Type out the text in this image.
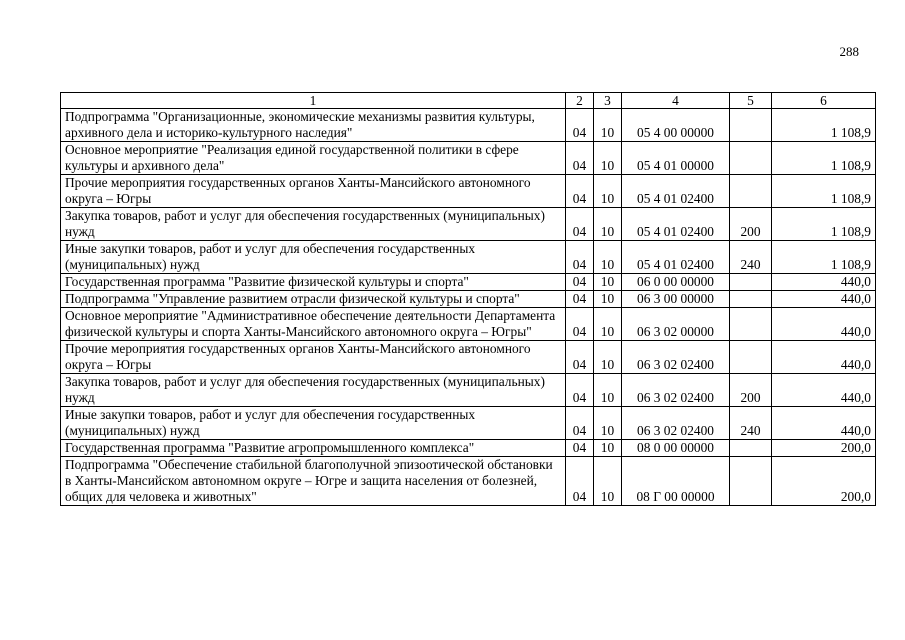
288
1	2	3	4	5	6
Подпрограмма "Организационные, экономические механизмы развития культуры, архивного дела и историко-культурного наследия"	04	10	05 4 00 00000		1 108,9
Основное мероприятие "Реализация единой государственной политики в сфере культуры и архивного дела"	04	10	05 4 01 00000		1 108,9
Прочие мероприятия государственных органов Ханты-Мансийского автономного округа – Югры	04	10	05 4 01 02400		1 108,9
Закупка товаров, работ и услуг для обеспечения государственных (муниципальных) нужд	04	10	05 4 01 02400	200	1 108,9
Иные закупки товаров, работ и услуг для обеспечения государственных (муниципальных) нужд	04	10	05 4 01 02400	240	1 108,9
Государственная программа "Развитие физической культуры и спорта"	04	10	06 0 00 00000		440,0
Подпрограмма "Управление развитием отрасли физической культуры и спорта"	04	10	06 3 00 00000		440,0
Основное мероприятие "Административное обеспечение деятельности Департамента физической культуры и спорта Ханты-Мансийского автономного округа – Югры"	04	10	06 3 02 00000		440,0
Прочие мероприятия государственных органов Ханты-Мансийского автономного округа – Югры	04	10	06 3 02 02400		440,0
Закупка товаров, работ и услуг для обеспечения государственных (муниципальных) нужд	04	10	06 3 02 02400	200	440,0
Иные закупки товаров, работ и услуг для обеспечения государственных (муниципальных) нужд	04	10	06 3 02 02400	240	440,0
Государственная программа "Развитие агропромышленного комплекса"	04	10	08 0 00 00000		200,0
Подпрограмма "Обеспечение стабильной благополучной эпизоотической обстановки в Ханты-Мансийском автономном округе – Югре и защита населения от болезней, общих для человека и животных"	04	10	08 Г 00 00000		200,0
